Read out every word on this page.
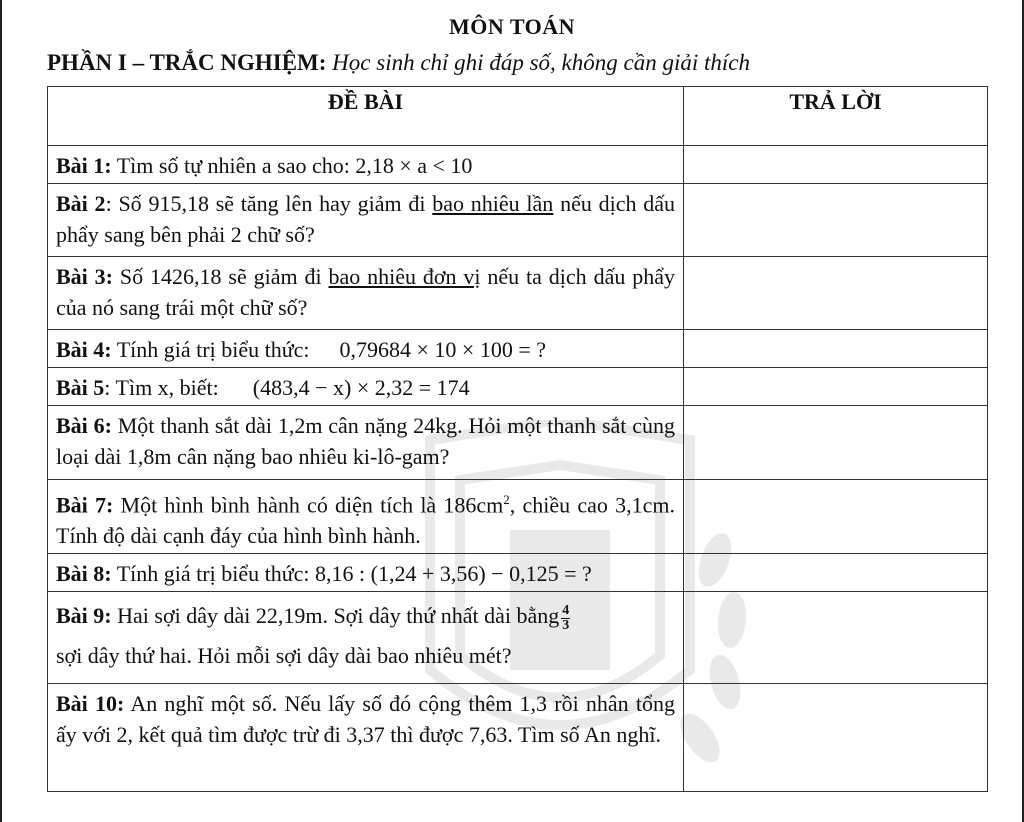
MÔN TOÁN
PHẦN I – TRẮC NGHIỆM: Học sinh chỉ ghi đáp số, không cần giải thích
ĐỀ BÀI	TRẢ LỜI
Bài 1: Tìm số tự nhiên a sao cho: 2,18 × a < 10	
Bài 2: Số 915,18 sẽ tăng lên hay giảm đi bao nhiêu lần nếu dịch dấu phẩy sang bên phải 2 chữ số?	
Bài 3: Số 1426,18 sẽ giảm đi bao nhiêu đơn vị nếu ta dịch dấu phẩy của nó sang trái một chữ số?	
Bài 4: Tính giá trị biểu thức: 0,79684 × 10 × 100 = ?	
Bài 5: Tìm x, biết: (483,4 − x) × 2,32 = 174	
Bài 6: Một thanh sắt dài 1,2m cân nặng 24kg. Hỏi một thanh sắt cùng loại dài 1,8m cân nặng bao nhiêu ki-lô-gam?	
Bài 7: Một hình bình hành có diện tích là $186cm^2$, chiều cao 3,1cm. Tính độ dài cạnh đáy của hình bình hành.	
Bài 8: Tính giá trị biểu thức: 8,16 : (1,24 + 3,56) − 0,125 = ?	
Bài 9: Hai sợi dây dài 22,19m. Sợi dây thứ nhất dài bằng $\frac{4}{3}$

sợi dây thứ hai. Hỏi mỗi sợi dây dài bao nhiêu mét?	
Bài 10: An nghĩ một số. Nếu lấy số đó cộng thêm 1,3 rồi nhân tổng ấy với 2, kết quả tìm được trừ đi 3,37 thì được 7,63. Tìm số An nghĩ.	
